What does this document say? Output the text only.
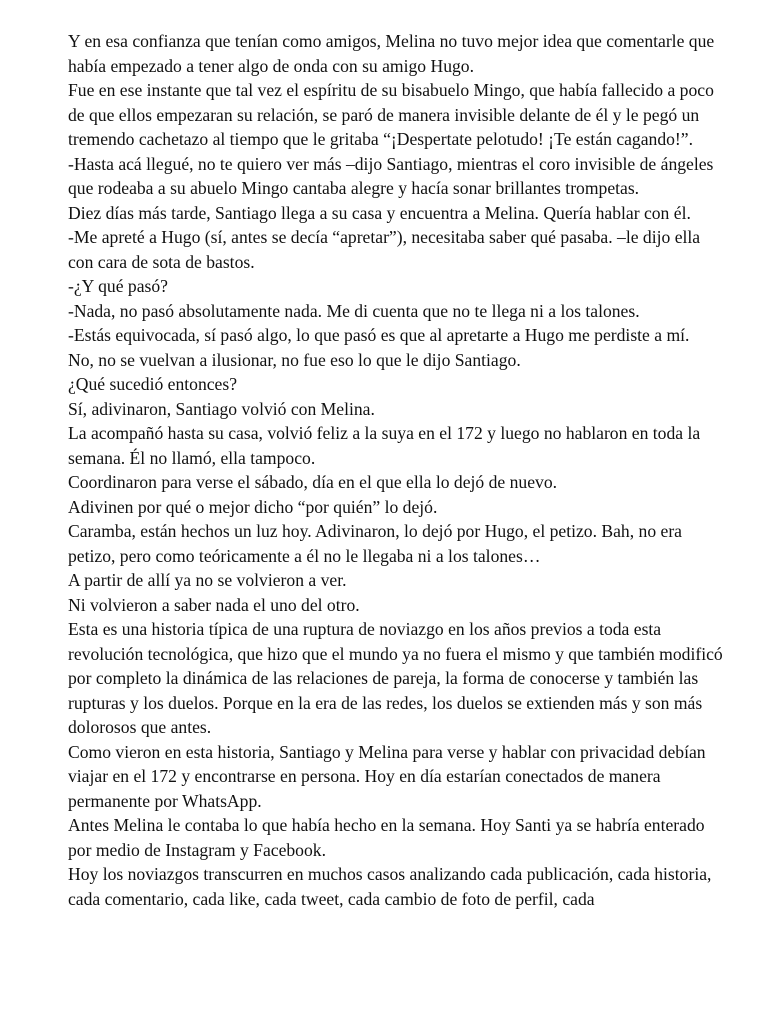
Y en esa confianza que tenían como amigos, Melina no tuvo mejor idea que comentarle que había empezado a tener algo de onda con su amigo Hugo.

Fue en ese instante que tal vez el espíritu de su bisabuelo Mingo, que había fallecido a poco de que ellos empezaran su relación, se paró de manera invisible delante de él y le pegó un tremendo cachetazo al tiempo que le gritaba “¡Despertate pelotudo! ¡Te están cagando!”.

-Hasta acá llegué, no te quiero ver más –dijo Santiago, mientras el coro invisible de ángeles que rodeaba a su abuelo Mingo cantaba alegre y hacía sonar brillantes trompetas.

Diez días más tarde, Santiago llega a su casa y encuentra a Melina. Quería hablar con él.

-Me apreté a Hugo (sí, antes se decía “apretar”), necesitaba saber qué pasaba. –le dijo ella con cara de sota de bastos.

-¿Y qué pasó?

-Nada, no pasó absolutamente nada. Me di cuenta que no te llega ni a los talones.

-Estás equivocada, sí pasó algo, lo que pasó es que al apretarte a Hugo me perdiste a mí.

No, no se vuelvan a ilusionar, no fue eso lo que le dijo Santiago.

¿Qué sucedió entonces?

Sí, adivinaron, Santiago volvió con Melina.

La acompañó hasta su casa, volvió feliz a la suya en el 172 y luego no hablaron en toda la semana. Él no llamó, ella tampoco.

Coordinaron para verse el sábado, día en el que ella lo dejó de nuevo.

Adivinen por qué o mejor dicho “por quién” lo dejó.

Caramba, están hechos un luz hoy. Adivinaron, lo dejó por Hugo, el petizo. Bah, no era petizo, pero como teóricamente a él no le llegaba ni a los talones…

A partir de allí ya no se volvieron a ver.

Ni volvieron a saber nada el uno del otro.

Esta es una historia típica de una ruptura de noviazgo en los años previos a toda esta revolución tecnológica, que hizo que el mundo ya no fuera el mismo y que también modificó por completo la dinámica de las relaciones de pareja, la forma de conocerse y también las rupturas y los duelos. Porque en la era de las redes, los duelos se extienden más y son más dolorosos que antes.

Como vieron en esta historia, Santiago y Melina para verse y hablar con privacidad debían viajar en el 172 y encontrarse en persona. Hoy en día estarían conectados de manera permanente por WhatsApp.

Antes Melina le contaba lo que había hecho en la semana. Hoy Santi ya se habría enterado por medio de Instagram y Facebook.

Hoy los noviazgos transcurren en muchos casos analizando cada publicación, cada historia, cada comentario, cada like, cada tweet, cada cambio de foto de perfil, cada
